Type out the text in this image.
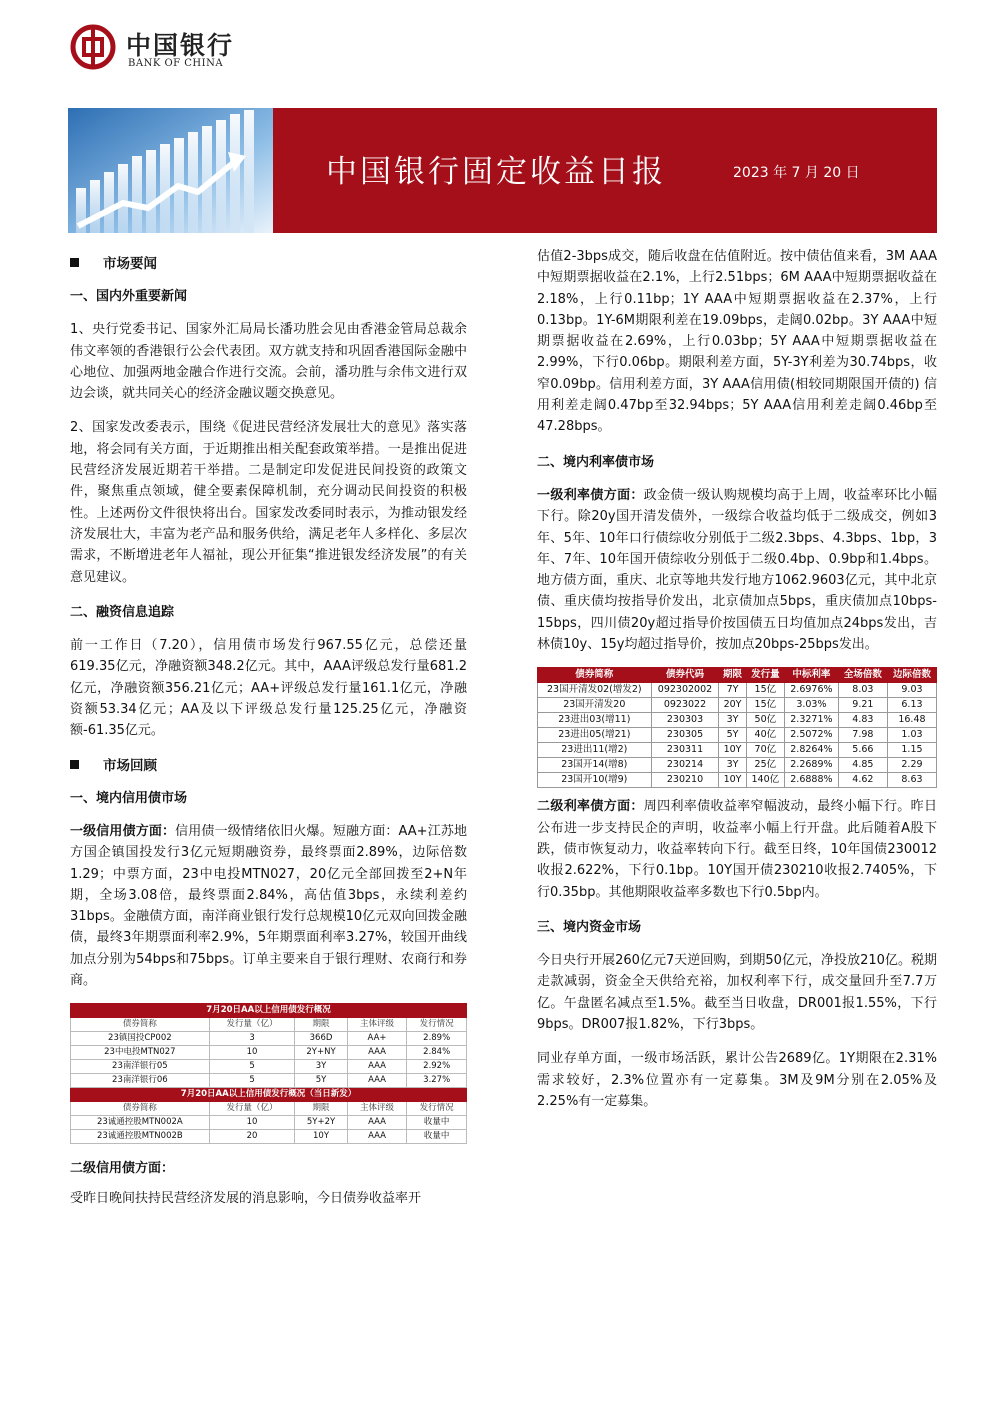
中国银行
BANK OF CHINA
中国银行固定收益日报	2023 年 7 月 20 日
市场要闻
一、国内外重要新闻

1、央行党委书记、国家外汇局局长潘功胜会见由香港金管局总裁余伟文率领的香港银行公会代表团。双方就支持和巩固香港国际金融中心地位、加强两地金融合作进行交流。会前，潘功胜与余伟文进行双边会谈，就共同关心的经济金融议题交换意见。

2、国家发改委表示，围绕《促进民营经济发展壮大的意见》落实落地，将会同有关方面，于近期推出相关配套政策举措。一是推出促进民营经济发展近期若干举措。二是制定印发促进民间投资的政策文件，聚焦重点领域，健全要素保障机制，充分调动民间投资的积极性。上述两份文件很快将出台。国家发改委同时表示，为推动银发经济发展壮大，丰富为老产品和服务供给，满足老年人多样化、多层次需求，不断增进老年人福祉，现公开征集“推进银发经济发展”的有关意见建议。

二、融资信息追踪

前一工作日（7.20），信用债市场发行967.55亿元，总偿还量619.35亿元，净融资额348.2亿元。其中，AAA评级总发行量681.2亿元，净融资额356.21亿元；AA+评级总发行量161.1亿元，净融资额53.34亿元；AA及以下评级总发行量125.25亿元，净融资额-61.35亿元。

市场回顾
一、境内信用债市场

一级信用债方面：信用债一级情绪依旧火爆。短融方面：AA+江苏地方国企镇国投发行3亿元短期融资券，最终票面2.89%，边际倍数1.29；中票方面，23中电投MTN027，20亿元全部回拨至2+N年期，全场3.08倍，最终票面2.84%，高估值3bps，永续利差约31bps。金融债方面，南洋商业银行发行总规模10亿元双向回拨金融债，最终3年期票面利率2.9%，5年期票面利率3.27%，较国开曲线加点分别为54bps和75bps。订单主要来自于银行理财、农商行和券商。

7月20日AA以上信用债发行概况				
债券简称	发行量（亿）	期限	主体评级	发行情况
23镇国投CP002	3	366D	AA+	2.89%
23中电投MTN027	10	2Y+NY	AAA	2.84%
23南洋银行05	5	3Y	AAA	2.92%
23南洋银行06	5	5Y	AAA	3.27%
7月20日AA以上信用债发行概况（当日新发）				
债券简称	发行量（亿）	期限	主体评级	发行情况
23诚通控股MTN002A	10	5Y+2Y	AAA	收量中
23诚通控股MTN002B	20	10Y	AAA	收量中

二级信用债方面：

受昨日晚间扶持民营经济发展的消息影响，今日债券收益率开

估值2-3bps成交，随后收盘在估值附近。按中债估值来看，3M AAA中短期票据收益在2.1%，上行2.51bps；6M AAA中短期票据收益在2.18%，上行0.11bp；1Y AAA中短期票据收益在2.37%，上行0.13bp。1Y-6M期限利差在19.09bps，走阔0.02bp。3Y AAA中短期票据收益在2.69%，上行0.03bp；5Y AAA中短期票据收益在2.99%，下行0.06bp。期限利差方面，5Y-3Y利差为30.74bps，收窄0.09bp。信用利差方面，3Y AAA信用债(相较同期限国开债的) 信用利差走阔0.47bp至32.94bps；5Y AAA信用利差走阔0.46bp至47.28bps。

二、境内利率债市场

一级利率债方面：政金债一级认购规模均高于上周，收益率环比小幅下行。除20y国开清发债外，一级综合收益均低于二级成交，例如3年、5年、10年口行债综收分别低于二级2.3bps、4.3bps、1bp，3年、7年、10年国开债综收分别低于二级0.4bp、0.9bp和1.4bps。地方债方面，重庆、北京等地共发行地方1062.9603亿元，其中北京债、重庆债均按指导价发出，北京债加点5bps，重庆债加点10bps-15bps，四川债20y超过指导价按国债五日均值加点24bps发出，吉林债10y、15y均超过指导价，按加点20bps-25bps发出。

债券简称	债券代码	期限	发行量	中标利率	全场倍数	边际倍数
23国开清发02(增发2)	092302002	7Y	15亿	2.6976%	8.03	9.03
23国开清发20	0923022	20Y	15亿	3.03%	9.21	6.13
23进出03(增11)	230303	3Y	50亿	2.3271%	4.83	16.48
23进出05(增21)	230305	5Y	40亿	2.5072%	7.98	1.03
23进出11(增2)	230311	10Y	70亿	2.8264%	5.66	1.15
23国开14(增8)	230214	3Y	25亿	2.2689%	4.85	2.29
23国开10(增9)	230210	10Y	140亿	2.6888%	4.62	8.63

二级利率债方面：周四利率债收益率窄幅波动，最终小幅下行。昨日公布进一步支持民企的声明，收益率小幅上行开盘。此后随着A股下跌，债市恢复动力，收益率转向下行。截至日终，10年国债230012收报2.622%，下行0.1bp。10Y国开债230210收报2.7405%，下行0.35bp。其他期限收益率多数也下行0.5bp内。

三、境内资金市场

今日央行开展260亿元7天逆回购，到期50亿元，净投放210亿。税期走款减弱，资金全天供给充裕，加权利率下行，成交量回升至7.7万亿。午盘匿名减点至1.5%。截至当日收盘，DR001报1.55%，下行9bps。DR007报1.82%，下行3bps。

同业存单方面，一级市场活跃，累计公告2689亿。1Y期限在2.31%需求较好，2.3%位置亦有一定募集。3M及9M分别在2.05%及2.25%有一定募集。
